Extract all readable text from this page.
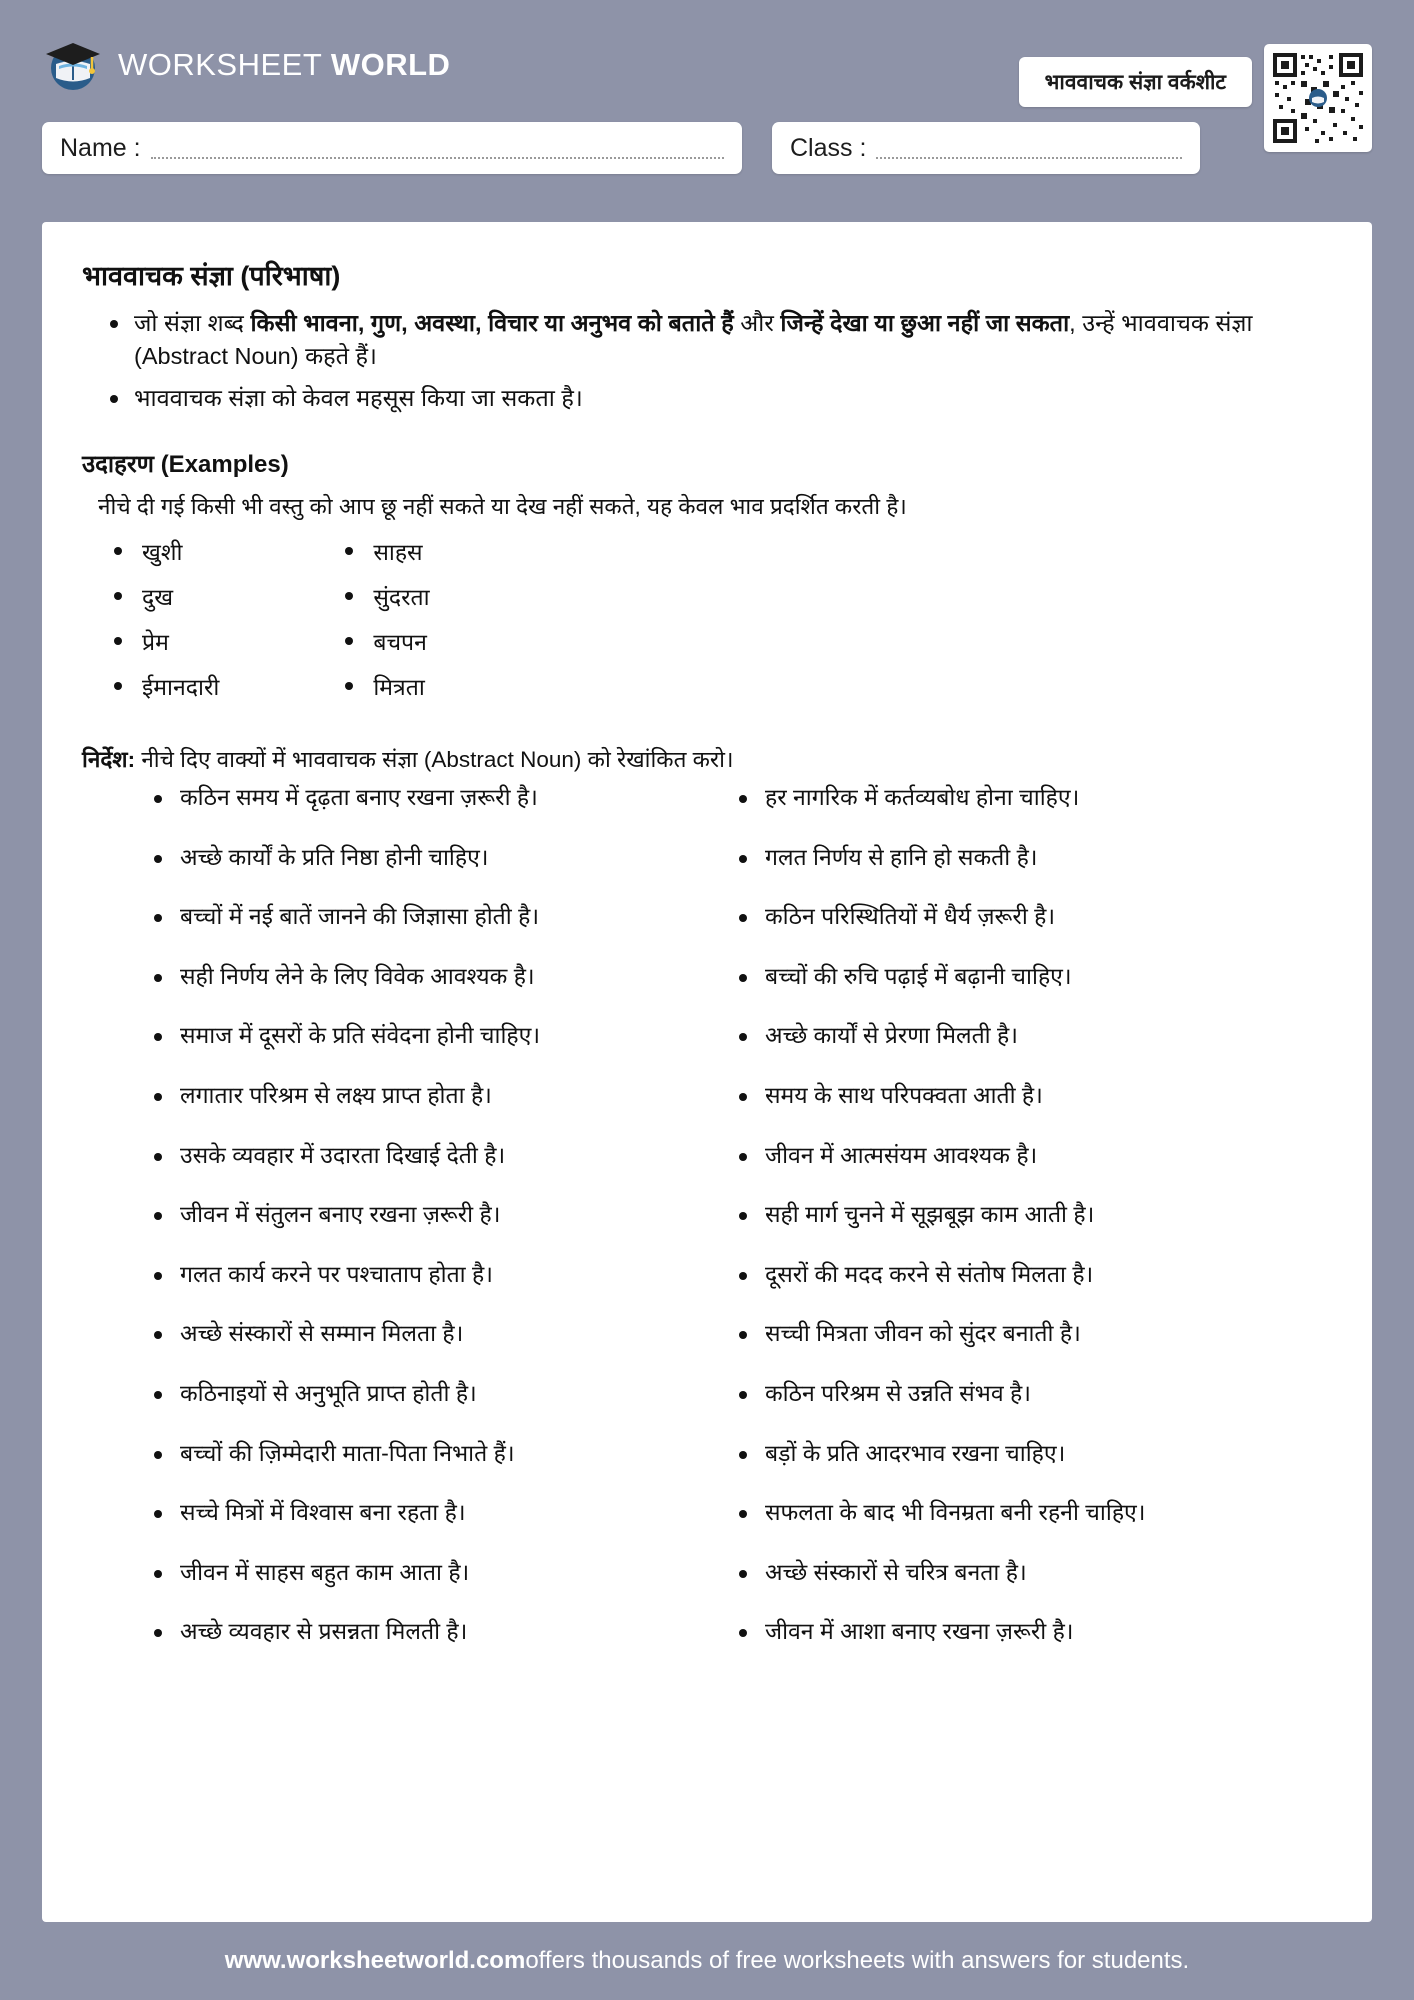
WORKSHEET WORLD
भाववाचक संज्ञा वर्कशीट
Name :	Class :
भाववाचक संज्ञा (परिभाषा)
जो संज्ञा शब्द किसी भावना, गुण, अवस्था, विचार या अनुभव को बताते हैं और जिन्हें देखा या छुआ नहीं जा सकता, उन्हें भाववाचक संज्ञा (Abstract Noun) कहते हैं।
भाववाचक संज्ञा को केवल महसूस किया जा सकता है।
उदाहरण (Examples)
नीचे दी गई किसी भी वस्तु को आप छू नहीं सकते या देख नहीं सकते, यह केवल भाव प्रदर्शित करती है।
खुशी
दुख
प्रेम
ईमानदारी
साहस
सुंदरता
बचपन
मित्रता
निर्देश: नीचे दिए वाक्यों में भाववाचक संज्ञा (Abstract Noun) को रेखांकित करो।
कठिन समय में दृढ़ता बनाए रखना ज़रूरी है।
अच्छे कार्यों के प्रति निष्ठा होनी चाहिए।
बच्चों में नई बातें जानने की जिज्ञासा होती है।
सही निर्णय लेने के लिए विवेक आवश्यक है।
समाज में दूसरों के प्रति संवेदना होनी चाहिए।
लगातार परिश्रम से लक्ष्य प्राप्त होता है।
उसके व्यवहार में उदारता दिखाई देती है।
जीवन में संतुलन बनाए रखना ज़रूरी है।
गलत कार्य करने पर पश्चाताप होता है।
अच्छे संस्कारों से सम्मान मिलता है।
कठिनाइयों से अनुभूति प्राप्त होती है।
बच्चों की ज़िम्मेदारी माता-पिता निभाते हैं।
सच्चे मित्रों में विश्वास बना रहता है।
जीवन में साहस बहुत काम आता है।
अच्छे व्यवहार से प्रसन्नता मिलती है।
हर नागरिक में कर्तव्यबोध होना चाहिए।
गलत निर्णय से हानि हो सकती है।
कठिन परिस्थितियों में धैर्य ज़रूरी है।
बच्चों की रुचि पढ़ाई में बढ़ानी चाहिए।
अच्छे कार्यों से प्रेरणा मिलती है।
समय के साथ परिपक्वता आती है।
जीवन में आत्मसंयम आवश्यक है।
सही मार्ग चुनने में सूझबूझ काम आती है।
दूसरों की मदद करने से संतोष मिलता है।
सच्ची मित्रता जीवन को सुंदर बनाती है।
कठिन परिश्रम से उन्नति संभव है।
बड़ों के प्रति आदरभाव रखना चाहिए।
सफलता के बाद भी विनम्रता बनी रहनी चाहिए।
अच्छे संस्कारों से चरित्र बनता है।
जीवन में आशा बनाए रखना ज़रूरी है।
www.worksheetworld.com offers thousands of free worksheets with answers for students.
